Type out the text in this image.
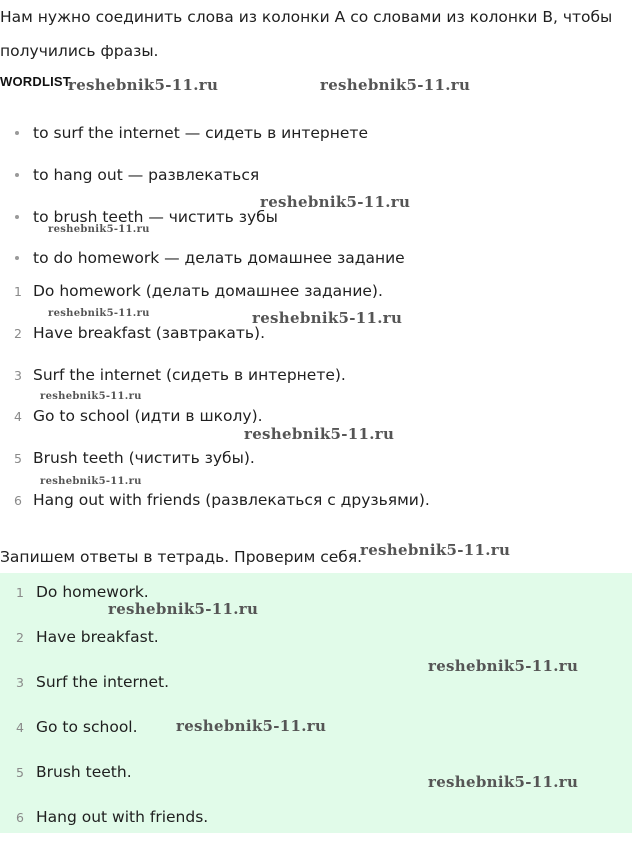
Нам нужно соединить слова из колонки A со словами из колонки B, чтобы

получились фразы.

WORDLIST
to surf the internet — сидеть в интернете
to hang out — развлекаться
to brush teeth — чистить зубы
to do homework — делать домашнее задание
1 Do homework (делать домашнее задание).
2 Have breakfast (завтракать).
3 Surf the internet (сидеть в интернете).
4 Go to school (идти в школу).
5 Brush teeth (чистить зубы).
6 Hang out with friends (развлекаться с друзьями).

Запишем ответы в тетрадь. Проверим себя.

1 Do homework.
2 Have breakfast.
3 Surf the internet.
4 Go to school.
5 Brush teeth.
6 Hang out with friends.
reshebnik5-11.ru	reshebnik5-11.ru
reshebnik5-11.ru
reshebnik5-11.ru
reshebnik5-11.ru	reshebnik5-11.ru
reshebnik5-11.ru
reshebnik5-11.ru
reshebnik5-11.ru
reshebnik5-11.ru
reshebnik5-11.ru
reshebnik5-11.ru
reshebnik5-11.ru
reshebnik5-11.ru
